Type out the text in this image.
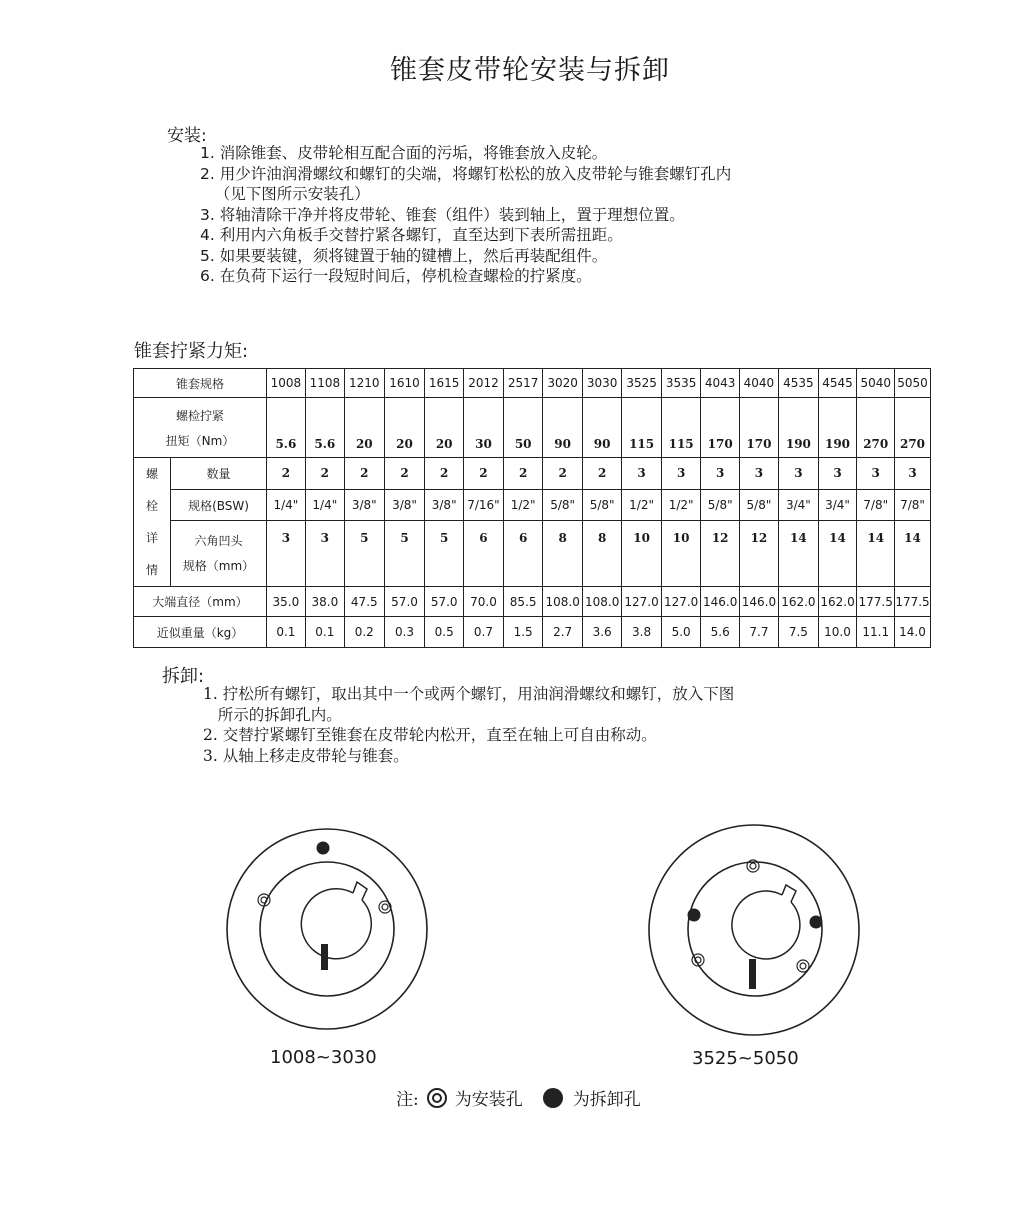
锥套皮带轮安装与拆卸
安装:
1. 消除锥套、皮带轮相互配合面的污垢，将锥套放入皮轮。
2. 用少许油润滑螺纹和螺钉的尖端，将螺钉松松的放入皮带轮与锥套螺钉孔内
（见下图所示安装孔）
3. 将轴清除干净并将皮带轮、锥套（组件）装到轴上，置于理想位置。
4. 利用内六角板手交替拧紧各螺钉，直至达到下表所需扭距。
5. 如果要装键，须将键置于轴的键槽上，然后再装配组件。
6. 在负荷下运行一段短时间后，停机检查螺检的拧紧度。
锥套拧紧力矩:
锥套规格		1008	1108	1210	1610	1615	2012	2517	3020	3030	3525	3535	4043	4040	4535	4545	5040	5050

螺检拧紧
扭矩（Nm）		5.6	5.6	20	20	20	30	50	90	90	115	115	170	170	190	190	270	270

螺
栓
详
情	数量	2	2	2	2	2	2	2	2	2	3	3	3	3	3	3	3	3
	规格(BSW)	1/4"	1/4"	3/8"	3/8"	3/8"	7/16"	1/2"	5/8"	5/8"	1/2"	1/2"	5/8"	5/8"	3/4"	3/4"	7/8"	7/8"

	六角凹头
规格（mm）	3	3	5	5	5	6	6	8	8	10	10	12	12	14	14	14	14
大端直径（mm）		35.0	38.0	47.5	57.0	57.0	70.0	85.5	108.0	108.0	127.0	127.0	146.0	146.0	162.0	162.0	177.5	177.5
近似重量（kg）		0.1	0.1	0.2	0.3	0.5	0.7	1.5	2.7	3.6	3.8	5.0	5.6	7.7	7.5	10.0	11.1	14.0
拆卸:
1. 拧松所有螺钉，取出其中一个或两个螺钉，用油润滑螺纹和螺钉，放入下图
所示的拆卸孔内。
2. 交替拧紧螺钉至锥套在皮带轮内松开，直至在轴上可自由称动。
3. 从轴上移走皮带轮与锥套。
1008~3030	3525~5050
注: 为安装孔	为拆卸孔
